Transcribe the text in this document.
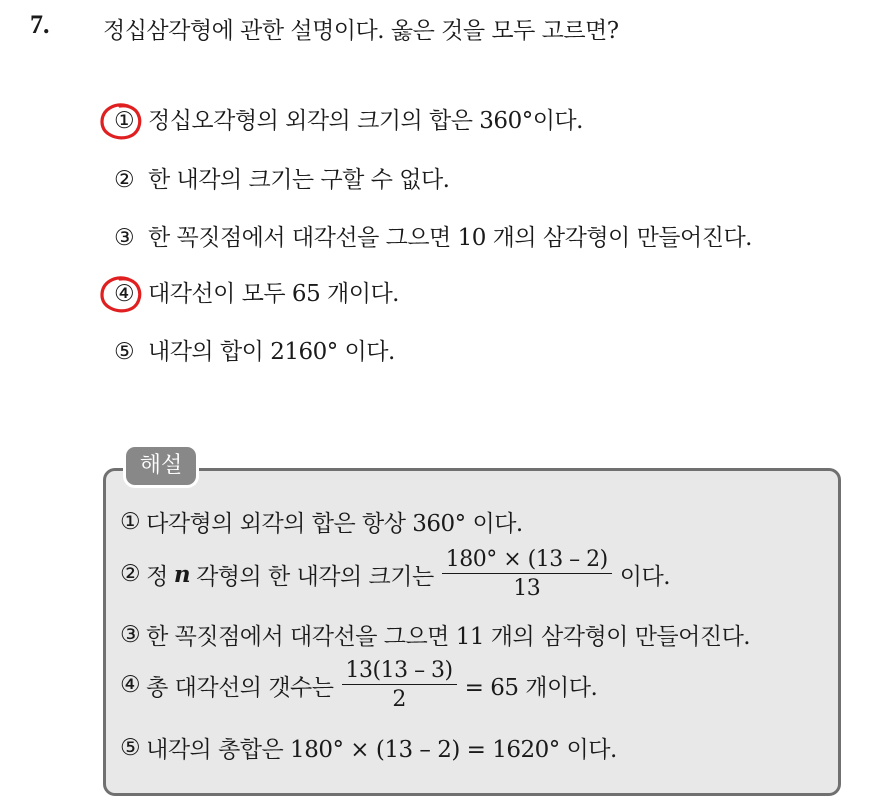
7. 정십삼각형에 관한 설명이다. 옳은 것을 모두 고르면?
① 정십오각형의 외각의 크기의 합은 360°이다.
② 한 내각의 크기는 구할 수 없다.
③ 한 꼭짓점에서 대각선을 그으면 10 개의 삼각형이 만들어진다.
④ 대각선이 모두 65 개이다.
⑤ 내각의 합이 2160° 이다.
해설
① 다각형의 외각의 합은 항상 360° 이다.
② 정 n 각형의 한 내각의 크기는 $\frac{180^\circ \times (13 - 2)}{13}$ 이다.
③ 한 꼭짓점에서 대각선을 그으면 11 개의 삼각형이 만들어진다.
④ 총 대각선의 갯수는 $\frac{13(13 - 3)}{2} = 65$ 개이다.
⑤ 내각의 총합은 180° × (13 – 2) = 1620° 이다.
